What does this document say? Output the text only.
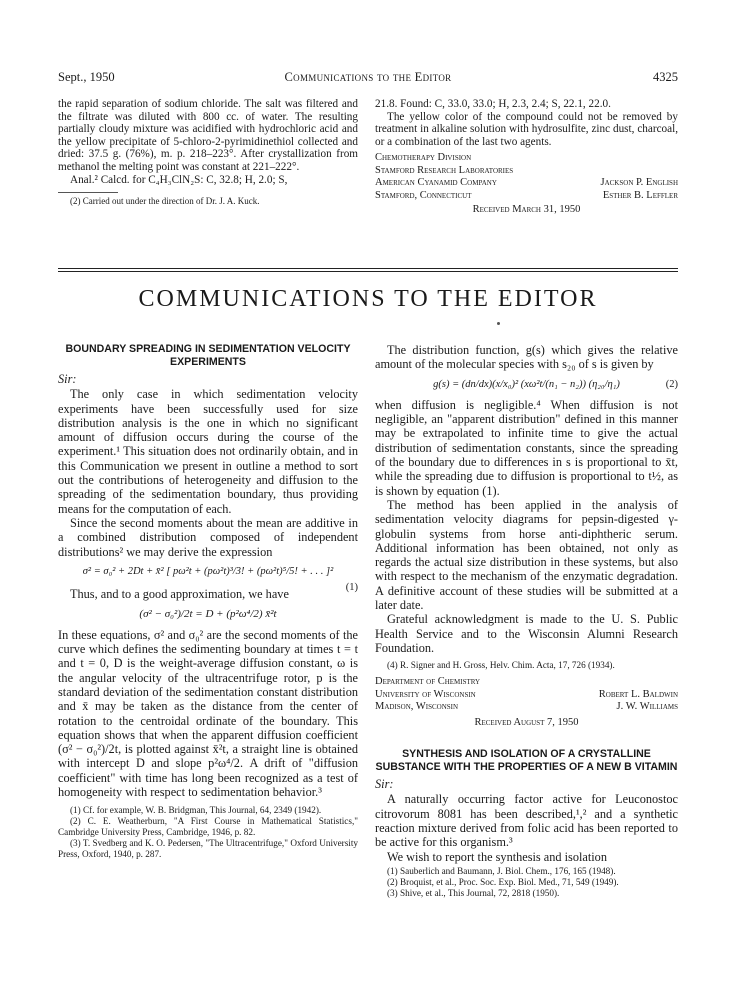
Sept., 1950	Communications to the Editor	4325

the rapid separation of sodium chloride. The salt was filtered and the filtrate was diluted with 800 cc. of water. The resulting partially cloudy mixture was acidified with hydrochloric acid and the yellow precipitate of 5-chloro-2-pyrimidinethiol collected and dried: 37.5 g. (76%), m. p. 218–223°. After crystallization from methanol the melting point was constant at 221–222°.

Anal.² Calcd. for C₄H₃ClN₂S: C, 32.8; H, 2.0; S,

(2) Carried out under the direction of Dr. J. A. Kuck.

21.8. Found: C, 33.0, 33.0; H, 2.3, 2.4; S, 22.1, 22.0.

The yellow color of the compound could not be removed by treatment in alkaline solution with hydrosulfite, zinc dust, charcoal, or a combination of the last two agents.

Chemotherapy Division
Stamford Research Laboratories
American Cyanamid Company	Jackson P. English
Stamford, Connecticut	Esther B. Leffler
Received March 31, 1950
COMMUNICATIONS TO THE EDITOR
BOUNDARY SPREADING IN SEDIMENTATION VELOCITY EXPERIMENTS

Sir:

The only case in which sedimentation velocity experiments have been successfully used for size distribution analysis is the one in which no significant amount of diffusion occurs during the course of the experiment.¹ This situation does not ordinarily obtain, and in this Communication we present in outline a method to sort out the contributions of heterogeneity and diffusion to the spreading of the sedimentation boundary, thus providing means for the computation of each.

Since the second moments about the mean are additive in a combined distribution composed of independent distributions² we may derive the expression

σ² = σ₀² + 2Dt + x̄² [ pω²t + (pω²t)³/3! + (pω²t)⁵/5! + . . . ]²
(1)

Thus, and to a good approximation, we have

(σ² − σ₀²)/2t = D + (p²ω⁴/2) x̄²t

In these equations, σ² and σ₀² are the second moments of the curve which defines the sedimenting boundary at times t = t and t = 0, D is the weight-average diffusion constant, ω is the angular velocity of the ultracentrifuge rotor, p is the standard deviation of the sedimentation constant distribution and x̄ may be taken as the distance from the center of rotation to the centroidal ordinate of the boundary. This equation shows that when the apparent diffusion coefficient (σ² − σ₀²)/2t, is plotted against x̄²t, a straight line is obtained with intercept D and slope p²ω⁴/2. A drift of "diffusion coefficient" with time has long been recognized as a test of homogeneity with respect to sedimentation behavior.³

(1) Cf. for example, W. B. Bridgman, This Journal, 64, 2349 (1942).

(2) C. E. Weatherburn, "A First Course in Mathematical Statistics," Cambridge University Press, Cambridge, 1946, p. 82.

(3) T. Svedberg and K. O. Pedersen, "The Ultracentrifuge," Oxford University Press, Oxford, 1940, p. 287.

The distribution function, g(s) which gives the relative amount of the molecular species with s₂₀ of s is given by

g(s) = (dn/dx)(x/x₀)² (xω²t/(n₁ − n₂)) (η₂₀/η₁)	(2)

when diffusion is negligible.⁴ When diffusion is not negligible, an "apparent distribution" defined in this manner may be extrapolated to infinite time to give the actual distribution of sedimentation constants, since the spreading of the boundary due to differences in s is proportional to x̄t, while the spreading due to diffusion is proportional to t½, as is shown by equation (1).

The method has been applied in the analysis of sedimentation velocity diagrams for pepsin-digested γ-globulin systems from horse anti-diphtheric serum. Additional information has been obtained, not only as regards the actual size distribution in these systems, but also with respect to the mechanism of the enzymatic degradation. A definitive account of these studies will be submitted at a later date.

Grateful acknowledgment is made to the U. S. Public Health Service and to the Wisconsin Alumni Research Foundation.

(4) R. Signer and H. Gross, Helv. Chim. Acta, 17, 726 (1934).

Department of Chemistry
University of Wisconsin	Robert L. Baldwin
Madison, Wisconsin	J. W. Williams
Received August 7, 1950
SYNTHESIS AND ISOLATION OF A CRYSTALLINE SUBSTANCE WITH THE PROPERTIES OF A NEW B VITAMIN

Sir:

A naturally occurring factor active for Leuconostoc citrovorum 8081 has been described,¹,² and a synthetic reaction mixture derived from folic acid has been reported to be active for this organism.³

We wish to report the synthesis and isolation

(1) Sauberlich and Baumann, J. Biol. Chem., 176, 165 (1948).

(2) Broquist, et al., Proc. Soc. Exp. Biol. Med., 71, 549 (1949).

(3) Shive, et al., This Journal, 72, 2818 (1950).
